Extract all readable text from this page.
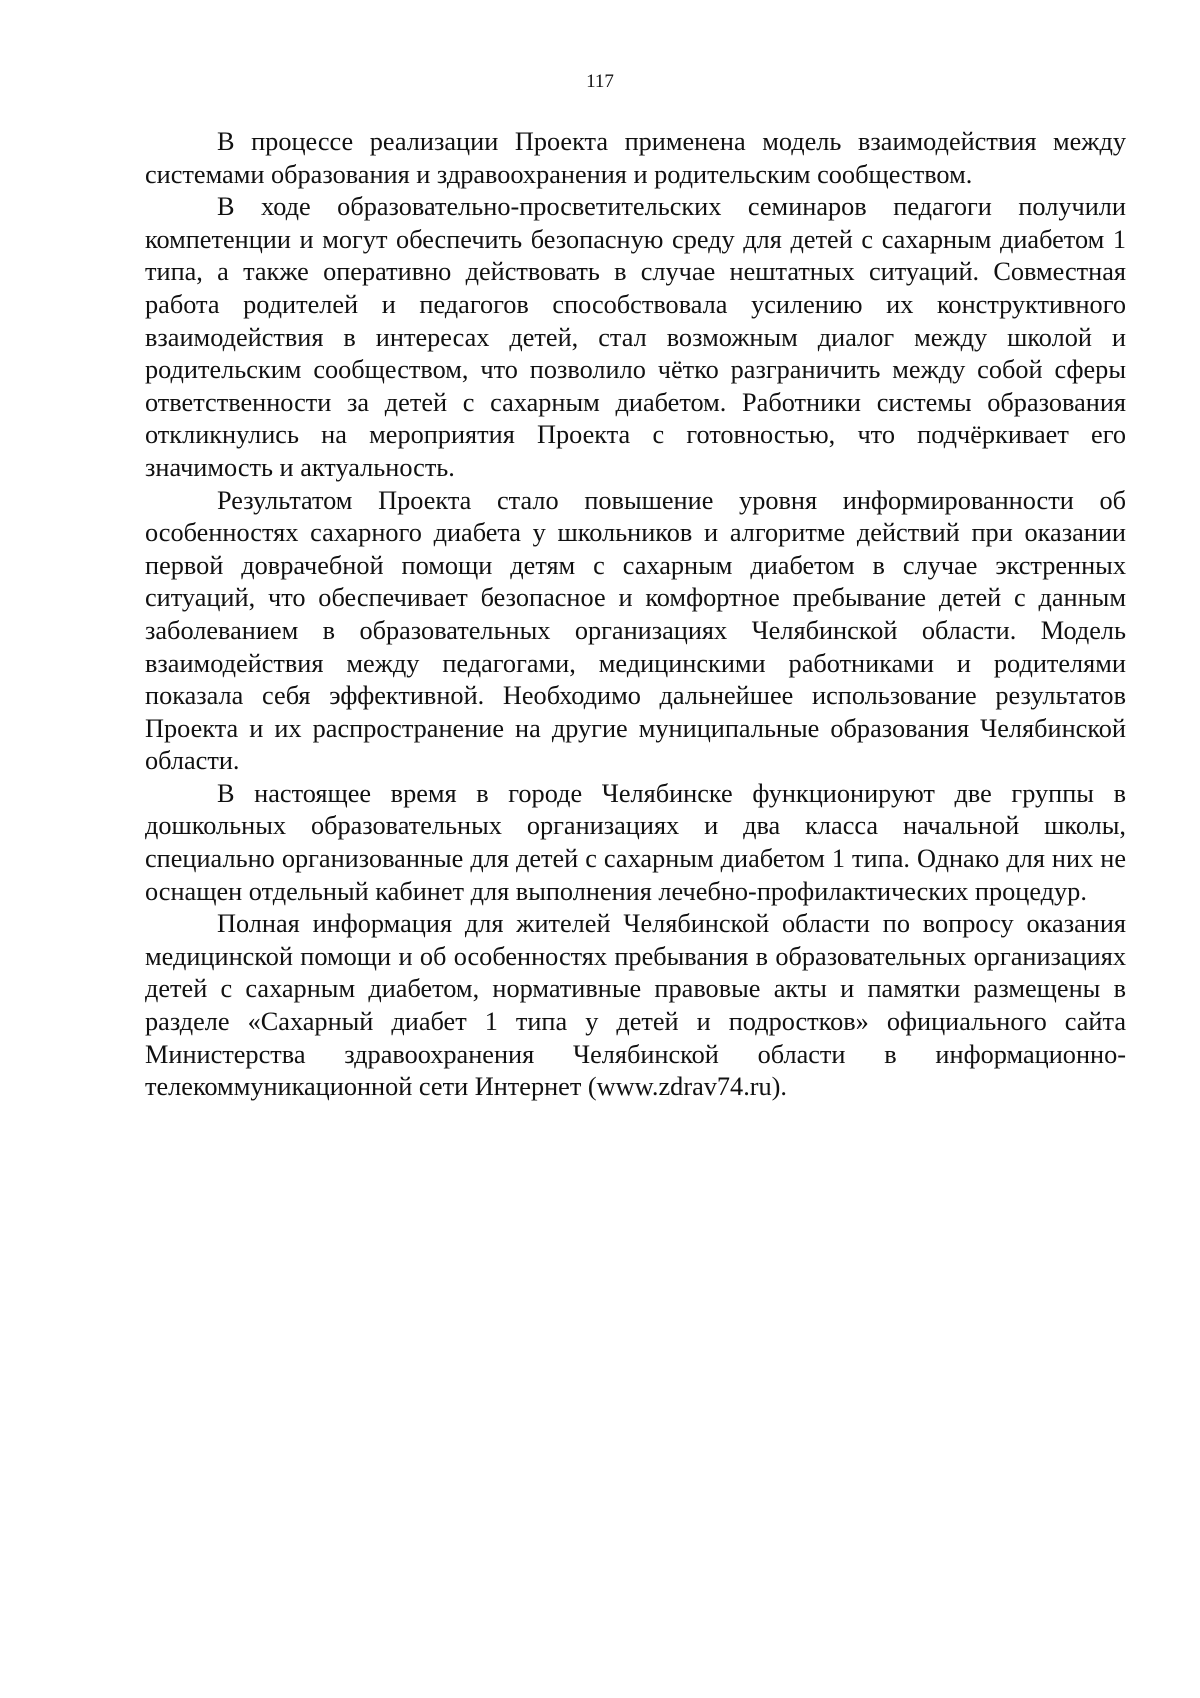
117

В процессе реализации Проекта применена модель взаимодействия между системами образования и здравоохранения и родительским сообществом.

В ходе образовательно-просветительских семинаров педагоги получили компетенции и могут обеспечить безопасную среду для детей с сахарным диабетом 1 типа, а также оперативно действовать в случае нештатных ситуаций. Совместная работа родителей и педагогов способствовала усилению их конструктивного взаимодействия в интересах детей, стал возможным диалог между школой и родительским сообществом, что позволило чётко разграничить между собой сферы ответственности за детей с сахарным диабетом. Работники системы образования откликнулись на мероприятия Проекта с готовностью, что подчёркивает его значимость и актуальность.

Результатом Проекта стало повышение уровня информированности об особенностях сахарного диабета у школьников и алгоритме действий при оказании первой доврачебной помощи детям с сахарным диабетом в случае экстренных ситуаций, что обеспечивает безопасное и комфортное пребывание детей с данным заболеванием в образовательных организациях Челябинской области. Модель взаимодействия между педагогами, медицинскими работниками и родителями показала себя эффективной. Необходимо дальнейшее использование результатов Проекта и их распространение на другие муниципальные образования Челябинской области.

В настоящее время в городе Челябинске функционируют две группы в дошкольных образовательных организациях и два класса начальной школы, специально организованные для детей с сахарным диабетом 1 типа. Однако для них не оснащен отдельный кабинет для выполнения лечебно-профилактических процедур.

Полная информация для жителей Челябинской области по вопросу оказания медицинской помощи и об особенностях пребывания в образовательных организациях детей с сахарным диабетом, нормативные правовые акты и памятки размещены в разделе «Сахарный диабет 1 типа у детей и подростков» официального сайта Министерства здравоохранения Челябинской области в информационно-телекоммуникационной сети Интернет (www.zdrav74.ru).
